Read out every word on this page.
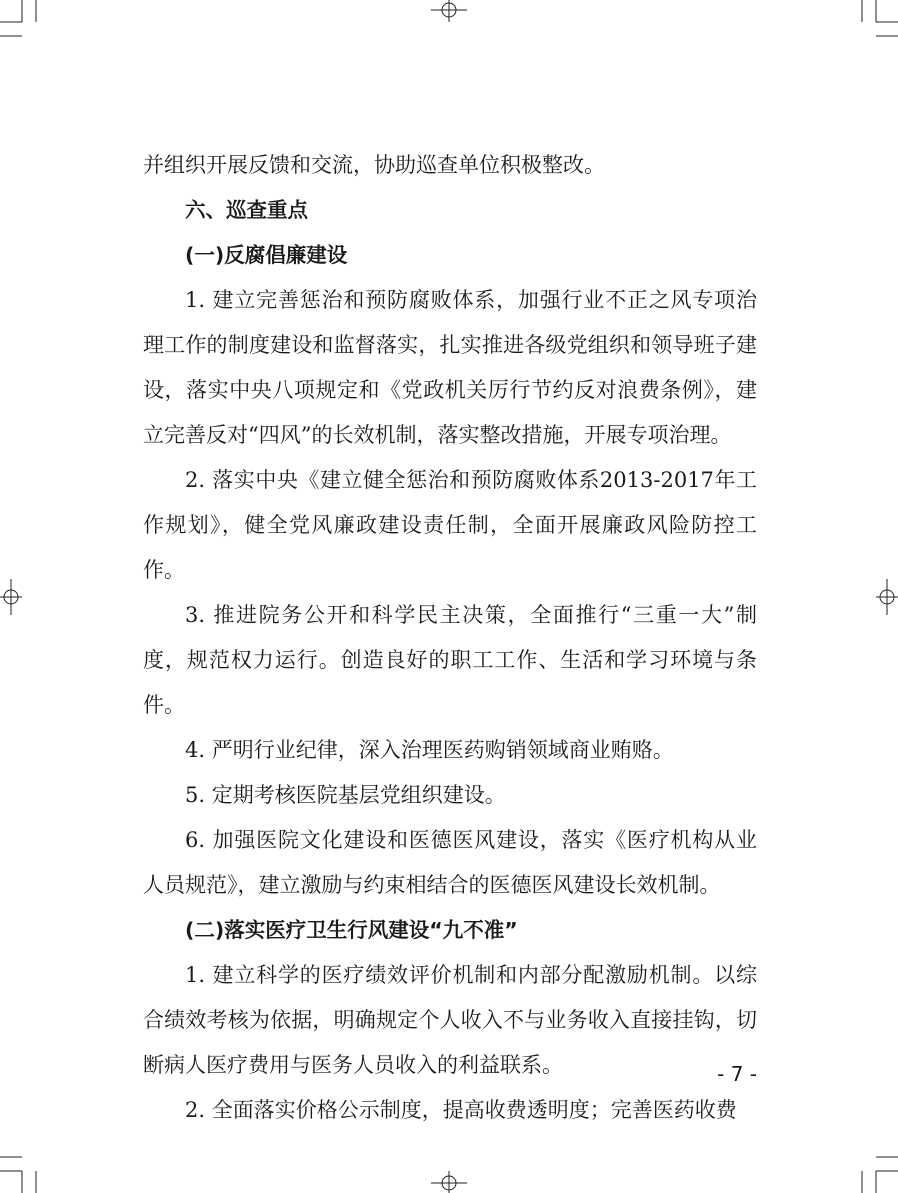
并组织开展反馈和交流，协助巡查单位积极整改。

六、巡查重点

(一)反腐倡廉建设

1. 建立完善惩治和预防腐败体系，加强行业不正之风专项治理工作的制度建设和监督落实，扎实推进各级党组织和领导班子建设，落实中央八项规定和《党政机关厉行节约反对浪费条例》，建立完善反对“四风”的长效机制，落实整改措施，开展专项治理。

2. 落实中央《建立健全惩治和预防腐败体系2013-2017年工作规划》，健全党风廉政建设责任制，全面开展廉政风险防控工作。

3. 推进院务公开和科学民主决策，全面推行“三重一大”制度，规范权力运行。创造良好的职工工作、生活和学习环境与条件。

4. 严明行业纪律，深入治理医药购销领域商业贿赂。

5. 定期考核医院基层党组织建设。

6. 加强医院文化建设和医德医风建设，落实《医疗机构从业人员规范》，建立激励与约束相结合的医德医风建设长效机制。

(二)落实医疗卫生行风建设“九不准”

1. 建立科学的医疗绩效评价机制和内部分配激励机制。以综合绩效考核为依据，明确规定个人收入不与业务收入直接挂钩，切断病人医疗费用与医务人员收入的利益联系。

2. 全面落实价格公示制度，提高收费透明度；完善医药收费

- 7 -
